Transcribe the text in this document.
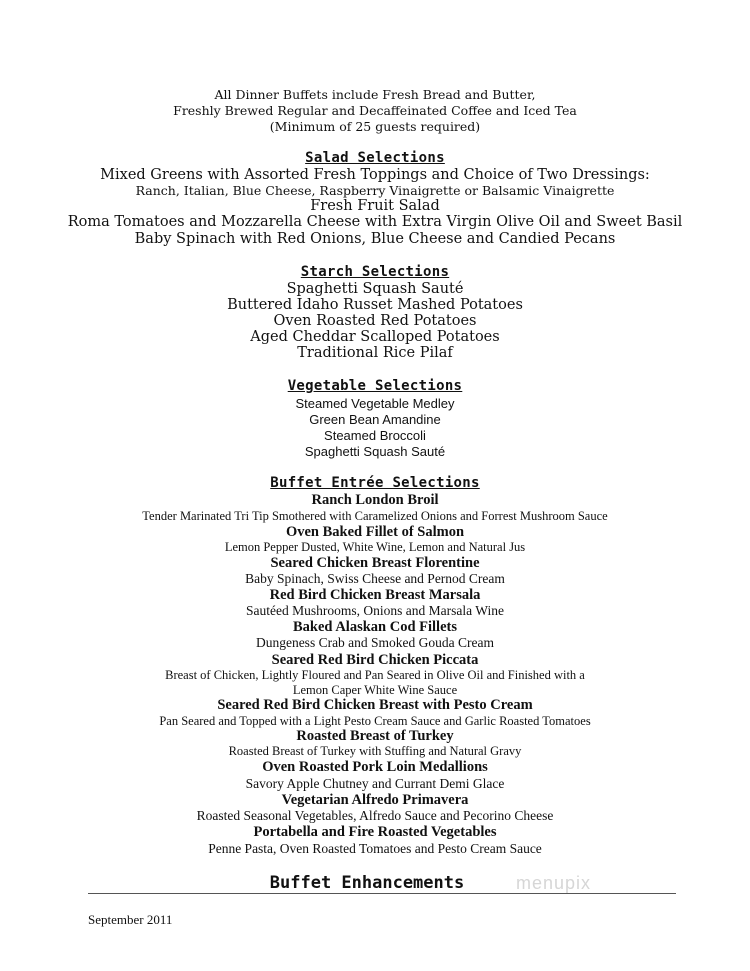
All Dinner Buffets include Fresh Bread and Butter,
Freshly Brewed Regular and Decaffeinated Coffee and Iced Tea
(Minimum of 25 guests required)
Salad Selections
Mixed Greens with Assorted Fresh Toppings and Choice of Two Dressings:
Ranch, Italian, Blue Cheese, Raspberry Vinaigrette or Balsamic Vinaigrette
Fresh Fruit Salad
Roma Tomatoes and Mozzarella Cheese with Extra Virgin Olive Oil and Sweet Basil
Baby Spinach with Red Onions, Blue Cheese and Candied Pecans
Starch Selections
Spaghetti Squash Sauté
Buttered Idaho Russet Mashed Potatoes
Oven Roasted Red Potatoes
Aged Cheddar Scalloped Potatoes
Traditional Rice Pilaf
Vegetable Selections
Steamed Vegetable Medley
Green Bean Amandine
Steamed Broccoli
Spaghetti Squash Sauté
Buffet Entrée Selections
Ranch London Broil
Tender Marinated Tri Tip Smothered with Caramelized Onions and Forrest Mushroom Sauce
Oven Baked Fillet of Salmon
Lemon Pepper Dusted, White Wine, Lemon and Natural Jus
Seared Chicken Breast Florentine
Baby Spinach, Swiss Cheese and Pernod Cream
Red Bird Chicken Breast Marsala
Sautéed Mushrooms, Onions and Marsala Wine
Baked Alaskan Cod Fillets
Dungeness Crab and Smoked Gouda Cream
Seared Red Bird Chicken Piccata
Breast of Chicken, Lightly Floured and Pan Seared in Olive Oil and Finished with a
Lemon Caper White Wine Sauce
Seared Red Bird Chicken Breast with Pesto Cream
Pan Seared and Topped with a Light Pesto Cream Sauce and Garlic Roasted Tomatoes
Roasted Breast of Turkey
Roasted Breast of Turkey with Stuffing and Natural Gravy
Oven Roasted Pork Loin Medallions
Savory Apple Chutney and Currant Demi Glace
Vegetarian Alfredo Primavera
Roasted Seasonal Vegetables, Alfredo Sauce and Pecorino Cheese
Portabella and Fire Roasted Vegetables
Penne Pasta, Oven Roasted Tomatoes and Pesto Cream Sauce
Buffet Enhancements	menupix
September 2011
